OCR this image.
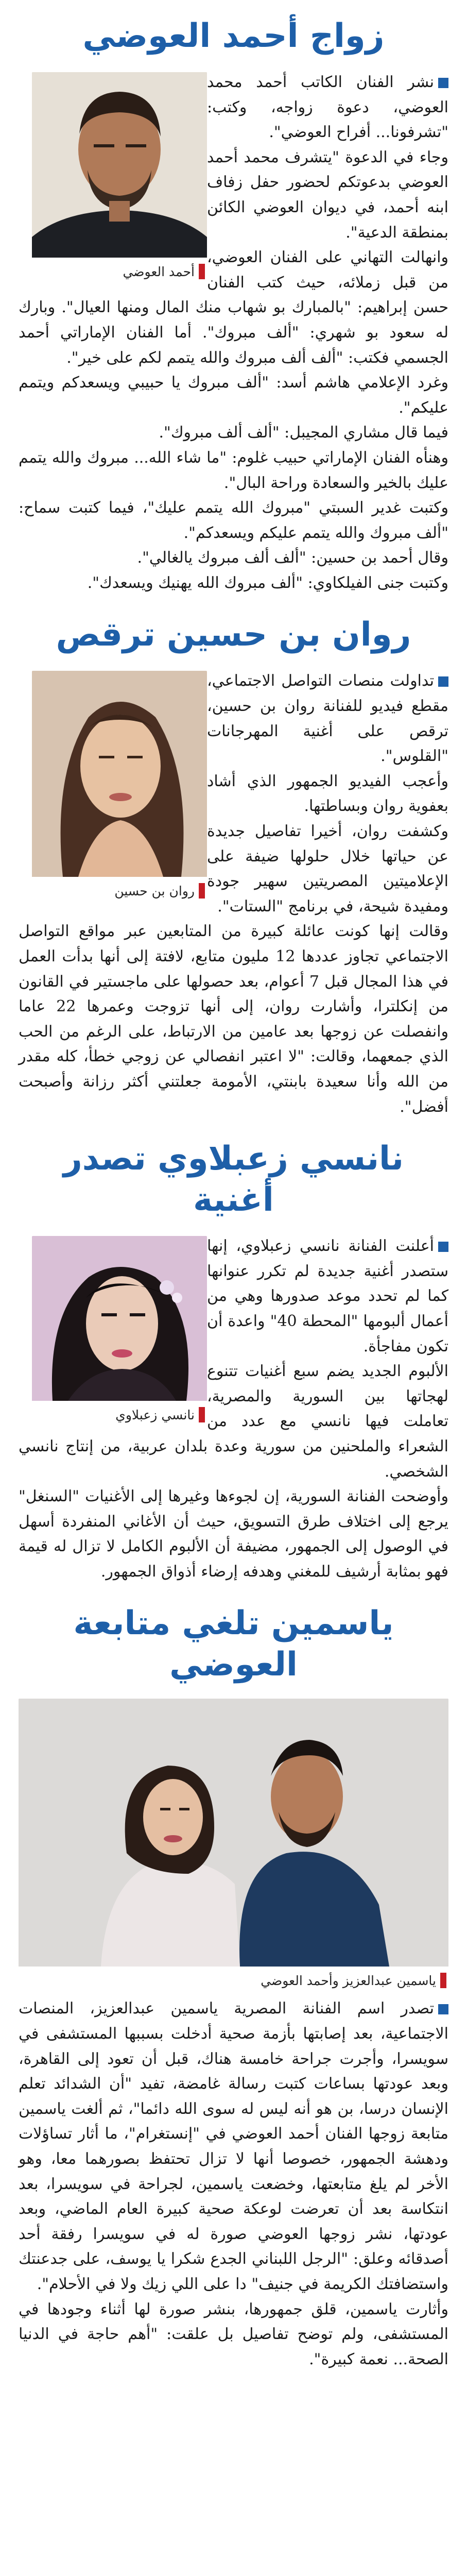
زواج أحمد العوضي
أحمد العوضي

نشر الفنان الكاتب أحمد محمد العوضي، دعوة زواجه، وكتب: "تشرفونا... أفراح العوضي".

وجاء في الدعوة "يتشرف محمد أحمد العوضي بدعوتكم لحضور حفل زفاف ابنه أحمد، في ديوان العوضي الكائن بمنطقة الدعية".

وانهالت التهاني على الفنان العوضي، من قبل زملائه، حيث كتب الفنان حسن إبراهيم: "بالمبارك بو شهاب منك المال ومنها العيال". وبارك له سعود بو شهري: "ألف مبروك". أما الفنان الإماراتي أحمد الجسمي فكتب: "ألف ألف مبروك والله يتمم لكم على خير".

وغرد الإعلامي هاشم أسد: "ألف مبروك يا حبيبي ويسعدكم ويتمم عليكم".

فيما قال مشاري المجيبل: "ألف ألف مبروك".

وهنأه الفنان الإماراتي حبيب غلوم: "ما شاء الله... مبروك والله يتمم عليك بالخير والسعادة وراحة البال".

وكتبت غدير السبتي "مبروك الله يتمم عليك"، فيما كتبت سماح: "ألف مبروك والله يتمم عليكم ويسعدكم".

وقال أحمد بن حسين: "ألف ألف مبروك يالغالي".

وكتبت جنى الفيلكاوي: "ألف مبروك الله يهنيك ويسعدك".

روان بن حسين ترقص
روان بن حسين

تداولت منصات التواصل الاجتماعي، مقطع فيديو للفنانة روان بن حسين، ترقص على أغنية المهرجانات "القلوس".

وأعجب الفيديو الجمهور الذي أشاد بعفوية روان وبساطتها.

وكشفت روان، أخيرا تفاصيل جديدة عن حياتها خلال حلولها ضيفة على الإعلاميتين المصريتين سهير جودة ومفيدة شيحة، في برنامج "الستات".

وقالت إنها كونت عائلة كبيرة من المتابعين عبر مواقع التواصل الاجتماعي تجاوز عددها 12 مليون متابع، لافتة إلى أنها بدأت العمل في هذا المجال قبل 7 أعوام، بعد حصولها على ماجستير في القانون من إنكلترا، وأشارت روان، إلى أنها تزوجت وعمرها 22 عاما وانفصلت عن زوجها بعد عامين من الارتباط، على الرغم من الحب الذي جمعهما، وقالت: "لا اعتبر انفصالي عن زوجي خطأ، كله مقدر من الله وأنا سعيدة بابنتي، الأمومة جعلتني أكثر رزانة وأصبحت أفضل".

نانسي زعبلاوي تصدر أغنية
نانسي زعبلاوي

أعلنت الفنانة نانسي زعبلاوي، إنها ستصدر أغنية جديدة لم تكرر عنوانها كما لم تحدد موعد صدورها وهي من أعمال ألبومها "المحطة 40" واعدة أن تكون مفاجأة.

الألبوم الجديد يضم سبع أغنيات تتنوع لهجاتها بين السورية والمصرية، تعاملت فيها نانسي مع عدد من الشعراء والملحنين من سورية وعدة بلدان عربية، من إنتاج نانسي الشخصي.

وأوضحت الفنانة السورية، إن لجوءها وغيرها إلى الأغنيات "السنغل" يرجع إلى اختلاف طرق التسويق، حيث أن الأغاني المنفردة أسهل في الوصول إلى الجمهور، مضيفة أن الألبوم الكامل لا تزال له قيمة فهو بمثابة أرشيف للمغني وهدفه إرضاء أذواق الجمهور.

ياسمين تلغي متابعة العوضي
ياسمين عبدالعزيز وأحمد العوضي

تصدر اسم الفنانة المصرية ياسمين عبدالعزيز، المنصات الاجتماعية، بعد إصابتها بأزمة صحية أدخلت بسببها المستشفى في سويسرا، وأجرت جراحة خامسة هناك، قبل أن تعود إلى القاهرة، وبعد عودتها بساعات كتبت رسالة غامضة، تفيد "أن الشدائد تعلم الإنسان درسا، بن هو أنه ليس له سوى الله دائما"، ثم ألغت ياسمين متابعة زوجها الفنان أحمد العوضي في "إنستغرام"، ما أثار تساؤلات ودهشة الجمهور، خصوصا أنها لا تزال تحتفظ بصورهما معا، وهو الأخر لم يلغ متابعتها، وخضعت ياسمين، لجراحة في سويسرا، بعد انتكاسة بعد أن تعرضت لوعكة صحية كبيرة العام الماضي، وبعد عودتها، نشر زوجها العوضي صورة له في سويسرا رفقة أحد أصدقائه وعلق: "الرجل اللبناني الجدع شكرا يا يوسف، على جدعنتك واستضافتك الكريمة في جنيف" دا على اللي زيك ولا في الأحلام".

وأثارت ياسمين، قلق جمهورها، بنشر صورة لها أثناء وجودها في المستشفى، ولم توضح تفاصيل بل علقت: "أهم حاجة في الدنيا الصحة... نعمة كبيرة".
